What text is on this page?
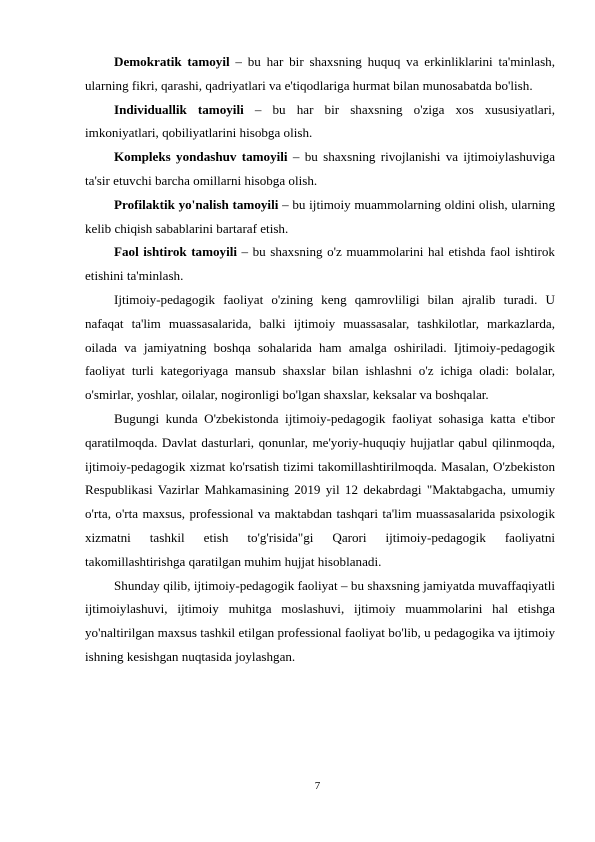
Demokratik tamoyil – bu har bir shaxsning huquq va erkinliklarini ta'minlash, ularning fikri, qarashi, qadriyatlari va e'tiqodlariga hurmat bilan munosabatda bo'lish.

Individuallik tamoyili – bu har bir shaxsning o'ziga xos xususiyatlari, imkoniyatlari, qobiliyatlarini hisobga olish.

Kompleks yondashuv tamoyili – bu shaxsning rivojlanishi va ijtimoiylashuviga ta'sir etuvchi barcha omillarni hisobga olish.

Profilaktik yo'nalish tamoyili – bu ijtimoiy muammolarning oldini olish, ularning kelib chiqish sabablarini bartaraf etish.

Faol ishtirok tamoyili – bu shaxsning o'z muammolarini hal etishda faol ishtirok etishini ta'minlash.

Ijtimoiy-pedagogik faoliyat o'zining keng qamrovliligi bilan ajralib turadi. U nafaqat ta'lim muassasalarida, balki ijtimoiy muassasalar, tashkilotlar, markazlarda, oilada va jamiyatning boshqa sohalarida ham amalga oshiriladi. Ijtimoiy-pedagogik faoliyat turli kategoriyaga mansub shaxslar bilan ishlashni o'z ichiga oladi: bolalar, o'smirlar, yoshlar, oilalar, nogironligi bo'lgan shaxslar, keksalar va boshqalar.

Bugungi kunda O'zbekistonda ijtimoiy-pedagogik faoliyat sohasiga katta e'tibor qaratilmoqda. Davlat dasturlari, qonunlar, me'yoriy-huquqiy hujjatlar qabul qilinmoqda, ijtimoiy-pedagogik xizmat ko'rsatish tizimi takomillashtirilmoqda. Masalan, O'zbekiston Respublikasi Vazirlar Mahkamasining 2019 yil 12 dekabrdagi "Maktabgacha, umumiy o'rta, o'rta maxsus, professional va maktabdan tashqari ta'lim muassasalarida psixologik xizmatni tashkil etish to'g'risida"gi Qarori ijtimoiy-pedagogik faoliyatni takomillashtirishga qaratilgan muhim hujjat hisoblanadi.

Shunday qilib, ijtimoiy-pedagogik faoliyat – bu shaxsning jamiyatda muvaffaqiyatli ijtimoiylashuvi, ijtimoiy muhitga moslashuvi, ijtimoiy muammolarini hal etishga yo'naltirilgan maxsus tashkil etilgan professional faoliyat bo'lib, u pedagogika va ijtimoiy ishning kesishgan nuqtasida joylashgan.

7
